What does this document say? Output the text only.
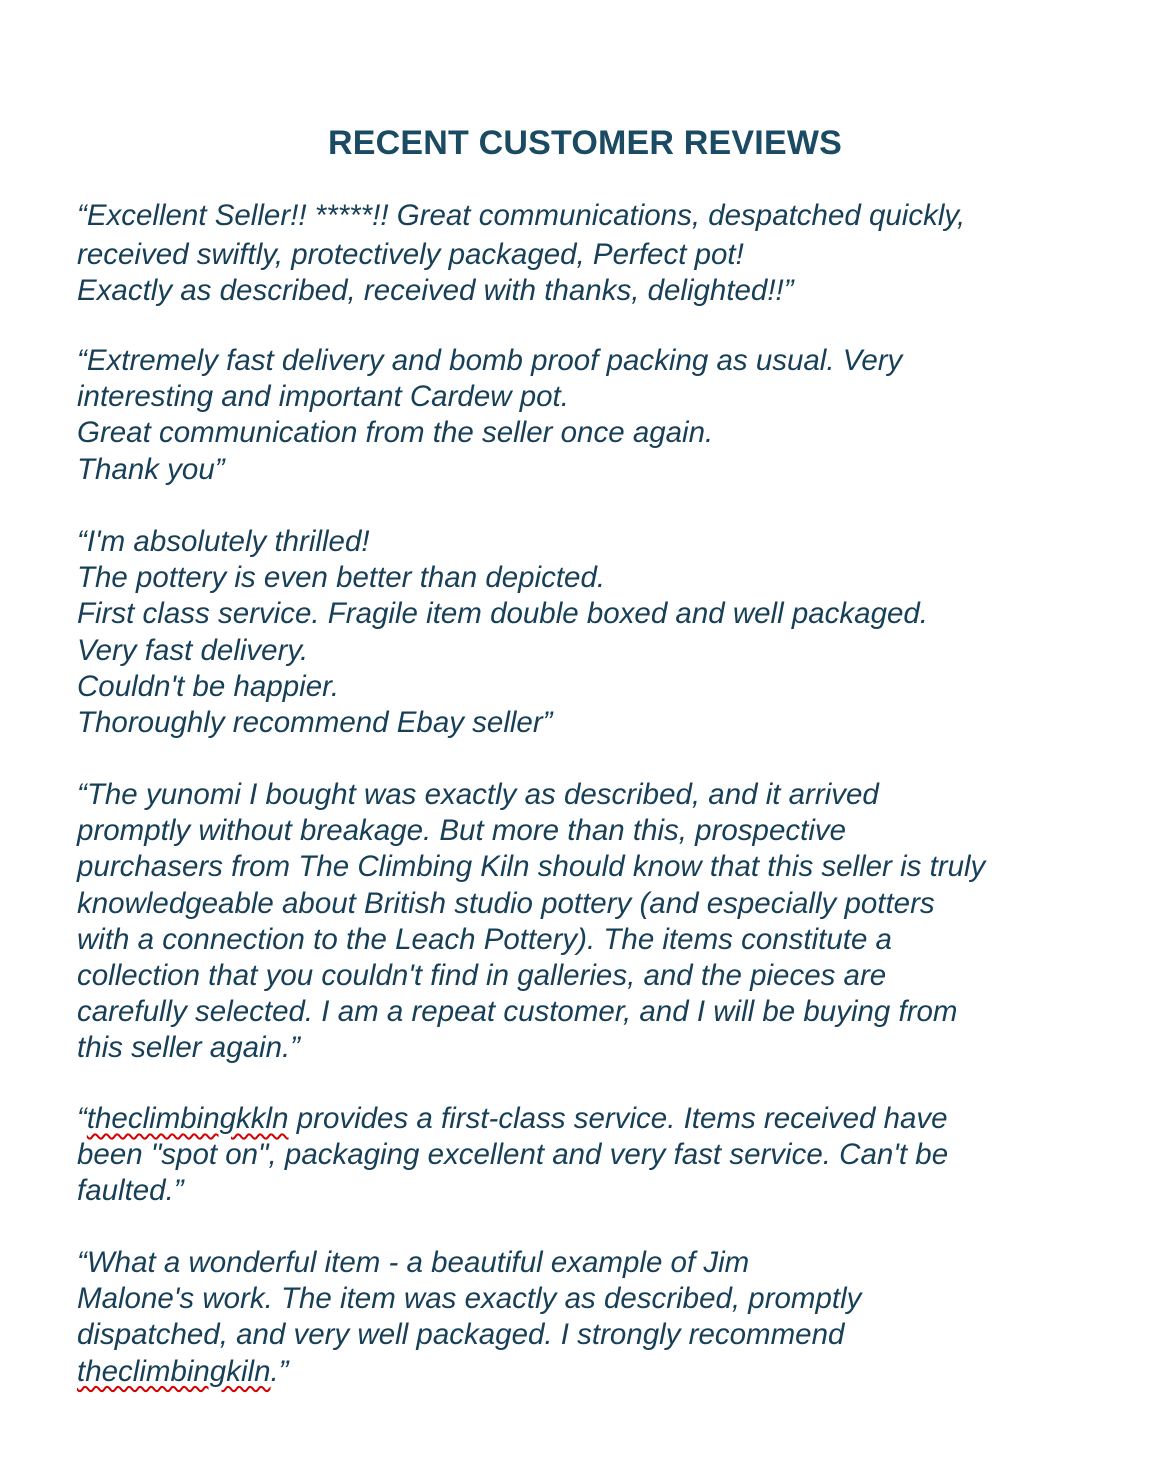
RECENT CUSTOMER REVIEWS
“Excellent Seller!! *****!! Great communications, despatched quickly,
received swiftly, protectively packaged, Perfect pot!
Exactly as described, received with thanks, delighted!!”
“Extremely fast delivery and bomb proof packing as usual. Very
interesting and important Cardew pot.
Great communication from the seller once again.
Thank you”
“I'm absolutely thrilled!
The pottery is even better than depicted.
First class service. Fragile item double boxed and well packaged.
Very fast delivery.
Couldn't be happier.
Thoroughly recommend Ebay seller”
“The yunomi I bought was exactly as described, and it arrived
promptly without breakage. But more than this, prospective
purchasers from The Climbing Kiln should know that this seller is truly
knowledgeable about British studio pottery (and especially potters
with a connection to the Leach Pottery). The items constitute a
collection that you couldn't find in galleries, and the pieces are
carefully selected. I am a repeat customer, and I will be buying from
this seller again.”
“theclimbingkkln provides a first-class service. Items received have
been "spot on", packaging excellent and very fast service. Can't be
faulted.”
“What a wonderful item - a beautiful example of Jim
Malone's work. The item was exactly as described, promptly
dispatched, and very well packaged. I strongly recommend
theclimbingkiln.”
